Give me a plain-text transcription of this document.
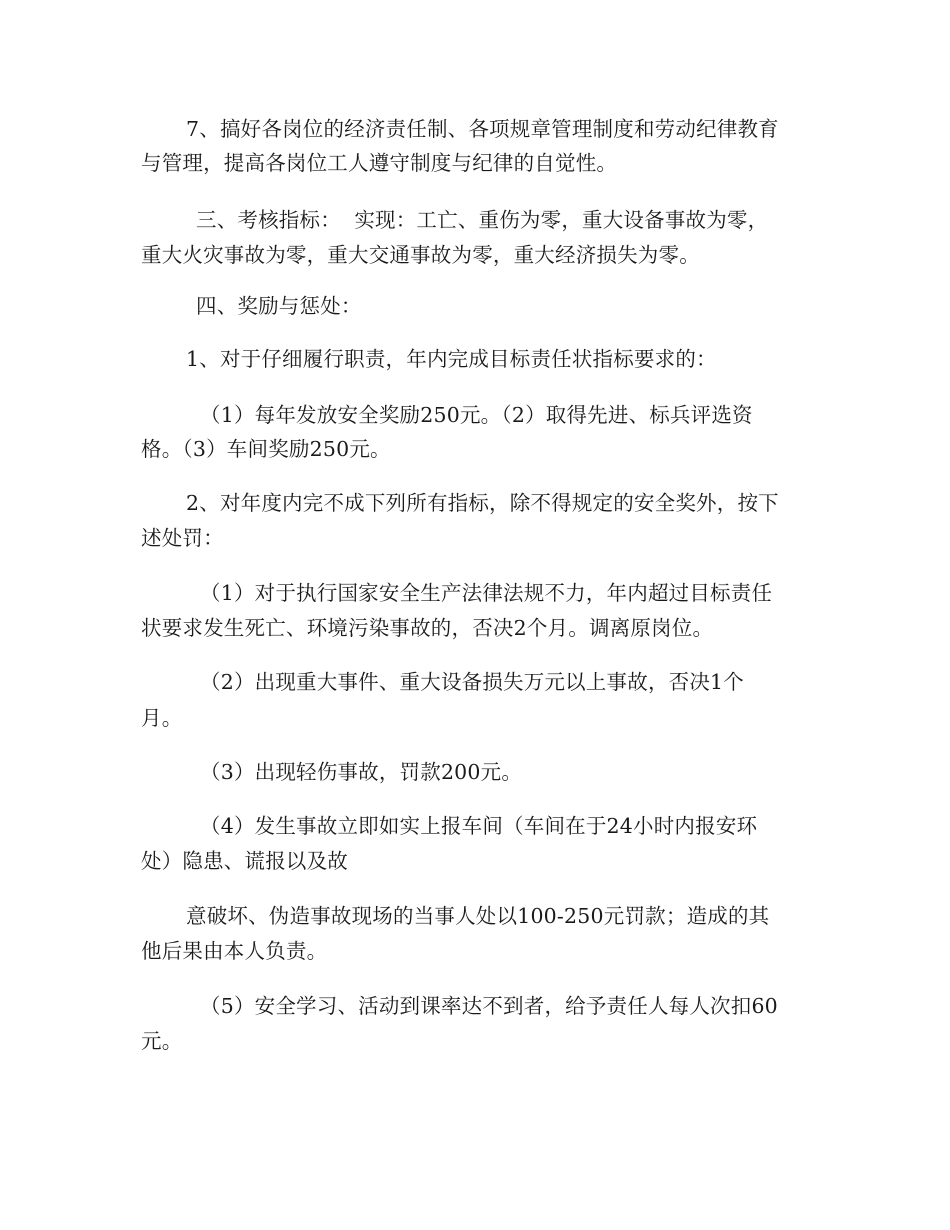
7、搞好各岗位的经济责任制、各项规章管理制度和劳动纪律教育
与管理，提高各岗位工人遵守制度与纪律的自觉性。
三、考核指标：  实现：工亡、重伤为零，重大设备事故为零，
重大火灾事故为零，重大交通事故为零，重大经济损失为零。
四、奖励与惩处：
1、对于仔细履行职责，年内完成目标责任状指标要求的：
（1）每年发放安全奖励250元。（2）取得先进、标兵评选资
格。（3）车间奖励250元。
2、对年度内完不成下列所有指标，除不得规定的安全奖外，按下
述处罚：
（1）对于执行国家安全生产法律法规不力，年内超过目标责任
状要求发生死亡、环境污染事故的，否决2个月。调离原岗位。
（2）出现重大事件、重大设备损失万元以上事故，否决1个
月。
（3）出现轻伤事故，罚款200元。
（4）发生事故立即如实上报车间（车间在于24小时内报安环
处）隐患、谎报以及故
意破坏、伪造事故现场的当事人处以100-250元罚款；造成的其
他后果由本人负责。
（5）安全学习、活动到课率达不到者，给予责任人每人次扣60
元。
